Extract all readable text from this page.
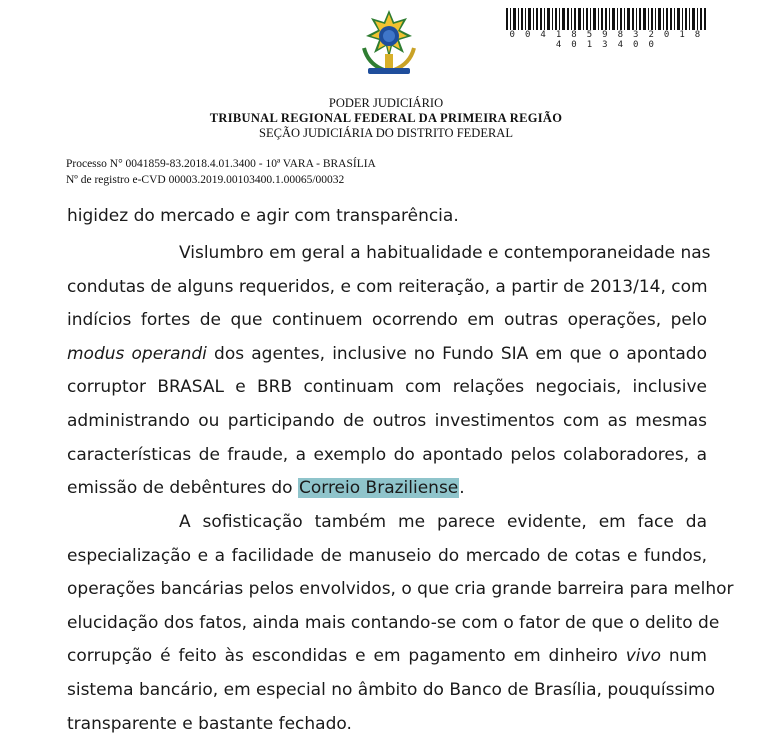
0 0 4 1 8 5 9 8 3 2 0 1 8 4 0 1 3 4 0 0
PODER JUDICIÁRIO
TRIBUNAL REGIONAL FEDERAL DA PRIMEIRA REGIÃO
SEÇÃO JUDICIÁRIA DO DISTRITO FEDERAL
Processo N° 0041859-83.2018.4.01.3400 - 10ª VARA - BRASÍLIA
Nº de registro e-CVD 00003.2019.00103400.1.00065/00032
higidez do mercado e agir com transparência.
Vislumbro em geral a habitualidade e contemporaneidade nas
condutas de alguns requeridos, e com reiteração, a partir de 2013/14, com
indícios fortes de que continuem ocorrendo em outras operações, pelo
modus operandi dos agentes, inclusive no Fundo SIA em que o apontado
corruptor BRASAL e BRB continuam com relações negociais, inclusive
administrando ou participando de outros investimentos com as mesmas
características de fraude, a exemplo do apontado pelos colaboradores, a
emissão de debêntures do Correio Braziliense.
A sofisticação também me parece evidente, em face da
especialização e a facilidade de manuseio do mercado de cotas e fundos,
operações bancárias pelos envolvidos, o que cria grande barreira para melhor
elucidação dos fatos, ainda mais contando-se com o fator de que o delito de
corrupção é feito às escondidas e em pagamento em dinheiro vivo num
sistema bancário, em especial no âmbito do Banco de Brasília, pouquíssimo
transparente e bastante fechado.
